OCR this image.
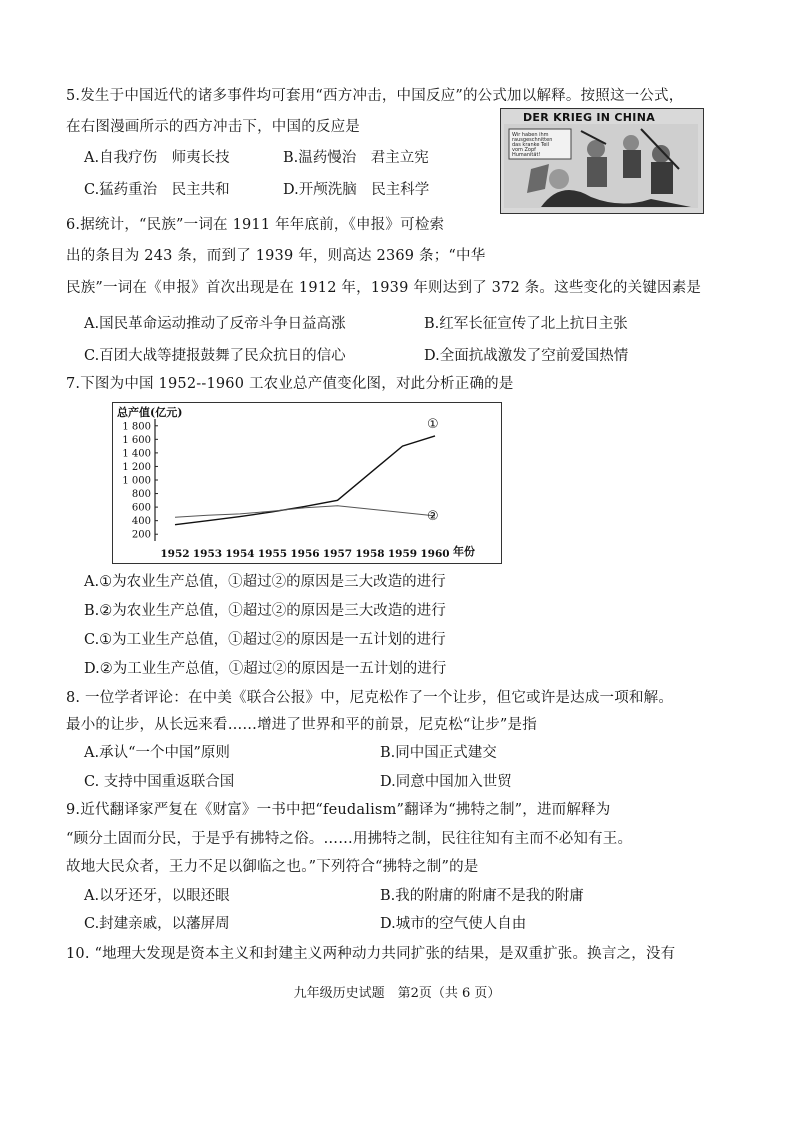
5.发生于中国近代的诸多事件均可套用“西方冲击，中国反应”的公式加以解释。按照这一公式，
在右图漫画所示的西方冲击下，中国的反应是
A.自我疗伤　师夷长技	B.温药慢治　君主立宪
C.猛药重治　民主共和	D.开颅洗脑　民主科学
DER KRIEG IN CHINA
Wir haben ihm rausgeschnitten das kranke Teil vom Zopf Humanität!
6.据统计，“民族”一词在 1911 年年底前，《申报》可检索
出的条目为 243 条，而到了 1939 年，则高达 2369 条；“中华
民族”一词在《申报》首次出现是在 1912 年，1939 年则达到了 372 条。这些变化的关键因素是
A.国民革命运动推动了反帝斗争日益高涨	B.红军长征宣传了北上抗日主张
C.百团大战等捷报鼓舞了民众抗日的信心	D.全面抗战激发了空前爱国热情
7.下图为中国 1952--1960 工农业总产值变化图，对此分析正确的是
总产值(亿元)
1 800
1 600
1 400
1 200
1 000
800
600
400
200
1952 1953 1954 1955 1956 1957 1958 1959 1960
①
②
年份
A.①为农业生产总值，①超过②的原因是三大改造的进行
B.②为农业生产总值，①超过②的原因是三大改造的进行
C.①为工业生产总值，①超过②的原因是一五计划的进行
D.②为工业生产总值，①超过②的原因是一五计划的进行
8. 一位学者评论：在中美《联合公报》中，尼克松作了一个让步，但它或许是达成一项和解。
最小的让步，从长远来看……增进了世界和平的前景，尼克松“让步”是指
A.承认“一个中国”原则	B.同中国正式建交
C. 支持中国重返联合国	D.同意中国加入世贸
9.近代翻译家严复在《财富》一书中把“feudalism”翻译为“拂特之制”，进而解释为
“顾分土固而分民，于是乎有拂特之俗。……用拂特之制，民往往知有主而不必知有王。
故地大民众者，王力不足以御临之也。”下列符合“拂特之制”的是
A.以牙还牙，以眼还眼	B.我的附庸的附庸不是我的附庸
C.封建亲戚，以藩屏周	D.城市的空气使人自由
10. “地理大发现是资本主义和封建主义两种动力共同扩张的结果，是双重扩张。换言之，没有
九年级历史试题　第2页（共 6 页）
